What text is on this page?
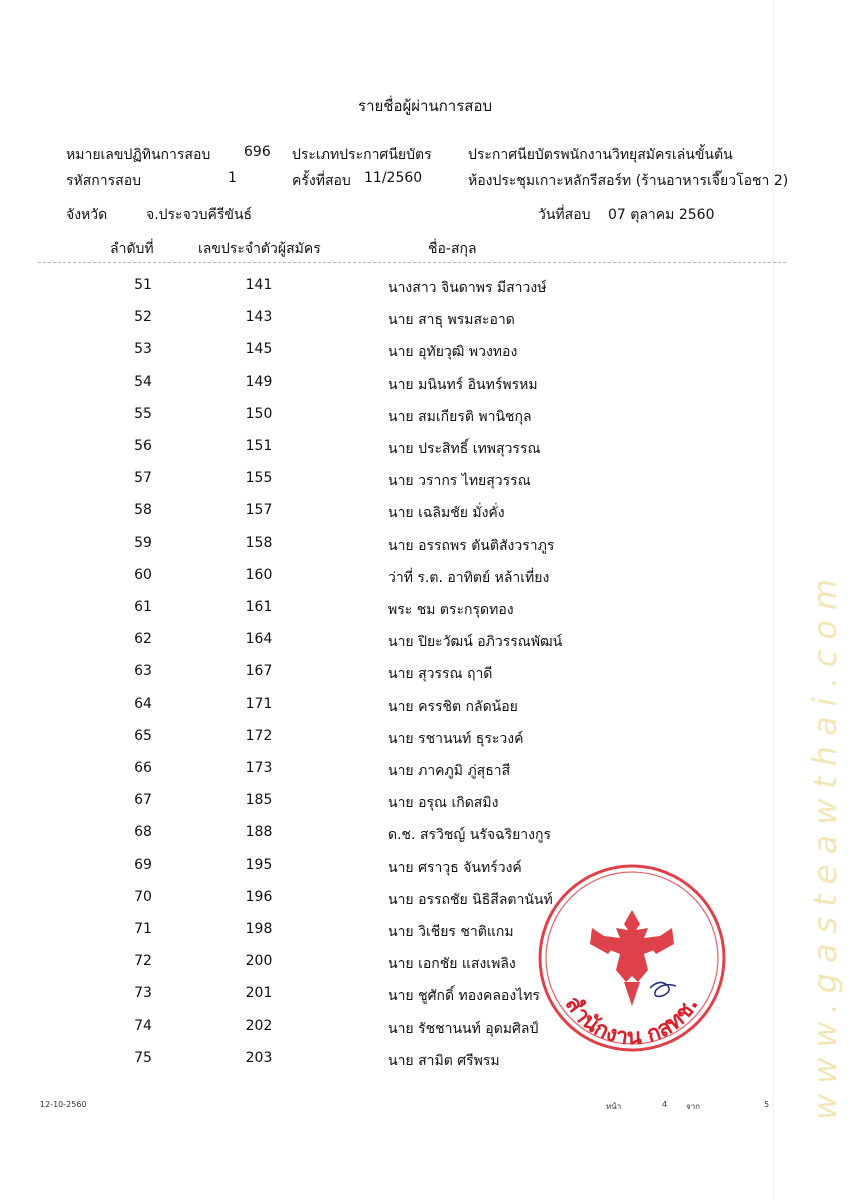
www.gasteawthai.com
รายชื่อผู้ผ่านการสอบ
หมายเลขปฏิทินการสอบ 696 ประเภทประกาศนียบัตร	ประกาศนียบัตรพนักงานวิทยุสมัครเล่นขั้นต้น
รหัสการสอบ	1	ครั้งที่สอบ 11/2560	ห้องประชุมเกาะหลักรีสอร์ท (ร้านอาหารเจี๊ยวโอชา 2)
จังหวัด	จ.ประจวบคีรีขันธ์	วันที่สอบ 07 ตุลาคม 2560
ลำดับที่	เลขประจำตัวผู้สมัคร	ชื่อ-สกุล
51	141	นางสาว จินดาพร มีสาวงษ์
52	143	นาย สาธุ พรมสะอาด
53	145	นาย อุทัยวุฒิ พวงทอง
54	149	นาย มนินทร์ อินทร์พรหม
55	150	นาย สมเกียรติ พานิชกุล
56	151	นาย ประสิทธิ์ เทพสุวรรณ
57	155	นาย วรากร ไทยสุวรรณ
58	157	นาย เฉลิมชัย มั่งคั่ง
59	158	นาย อรรถพร ตันติสังวราภูร
60	160	ว่าที่ ร.ต. อาทิตย์ หล้าเที่ยง
61	161	พระ ชม ตระกรุดทอง
62	164	นาย ปิยะวัฒน์ อภิวรรณพัฒน์
63	167	นาย สุวรรณ ฤาดี
64	171	นาย ครรชิต กลัดน้อย
65	172	นาย รชานนท์ ธุระวงค์
66	173	นาย ภาคภูมิ ภู่สุธาสี
67	185	นาย อรุณ เกิดสมิง
68	188	ด.ช. สรวิชญ์ นรัจฉริยางกูร
69	195	นาย ศราวุธ จันทร์วงค์
70	196	นาย อรรถชัย นิธิสีลตานันท์
71	198	นาย วิเชียร ชาติแกม
72	200	นาย เอกชัย แสงเพลิง
73	201	นาย ชูศักดิ์ ทองคลองไทร
74	202	นาย รัชชานนท์ อุดมศิลป์
75	203	นาย สามิต ศรีพรม
12-10-2560	หน้า	4 จาก	5
สำนักงาน กสทช.
